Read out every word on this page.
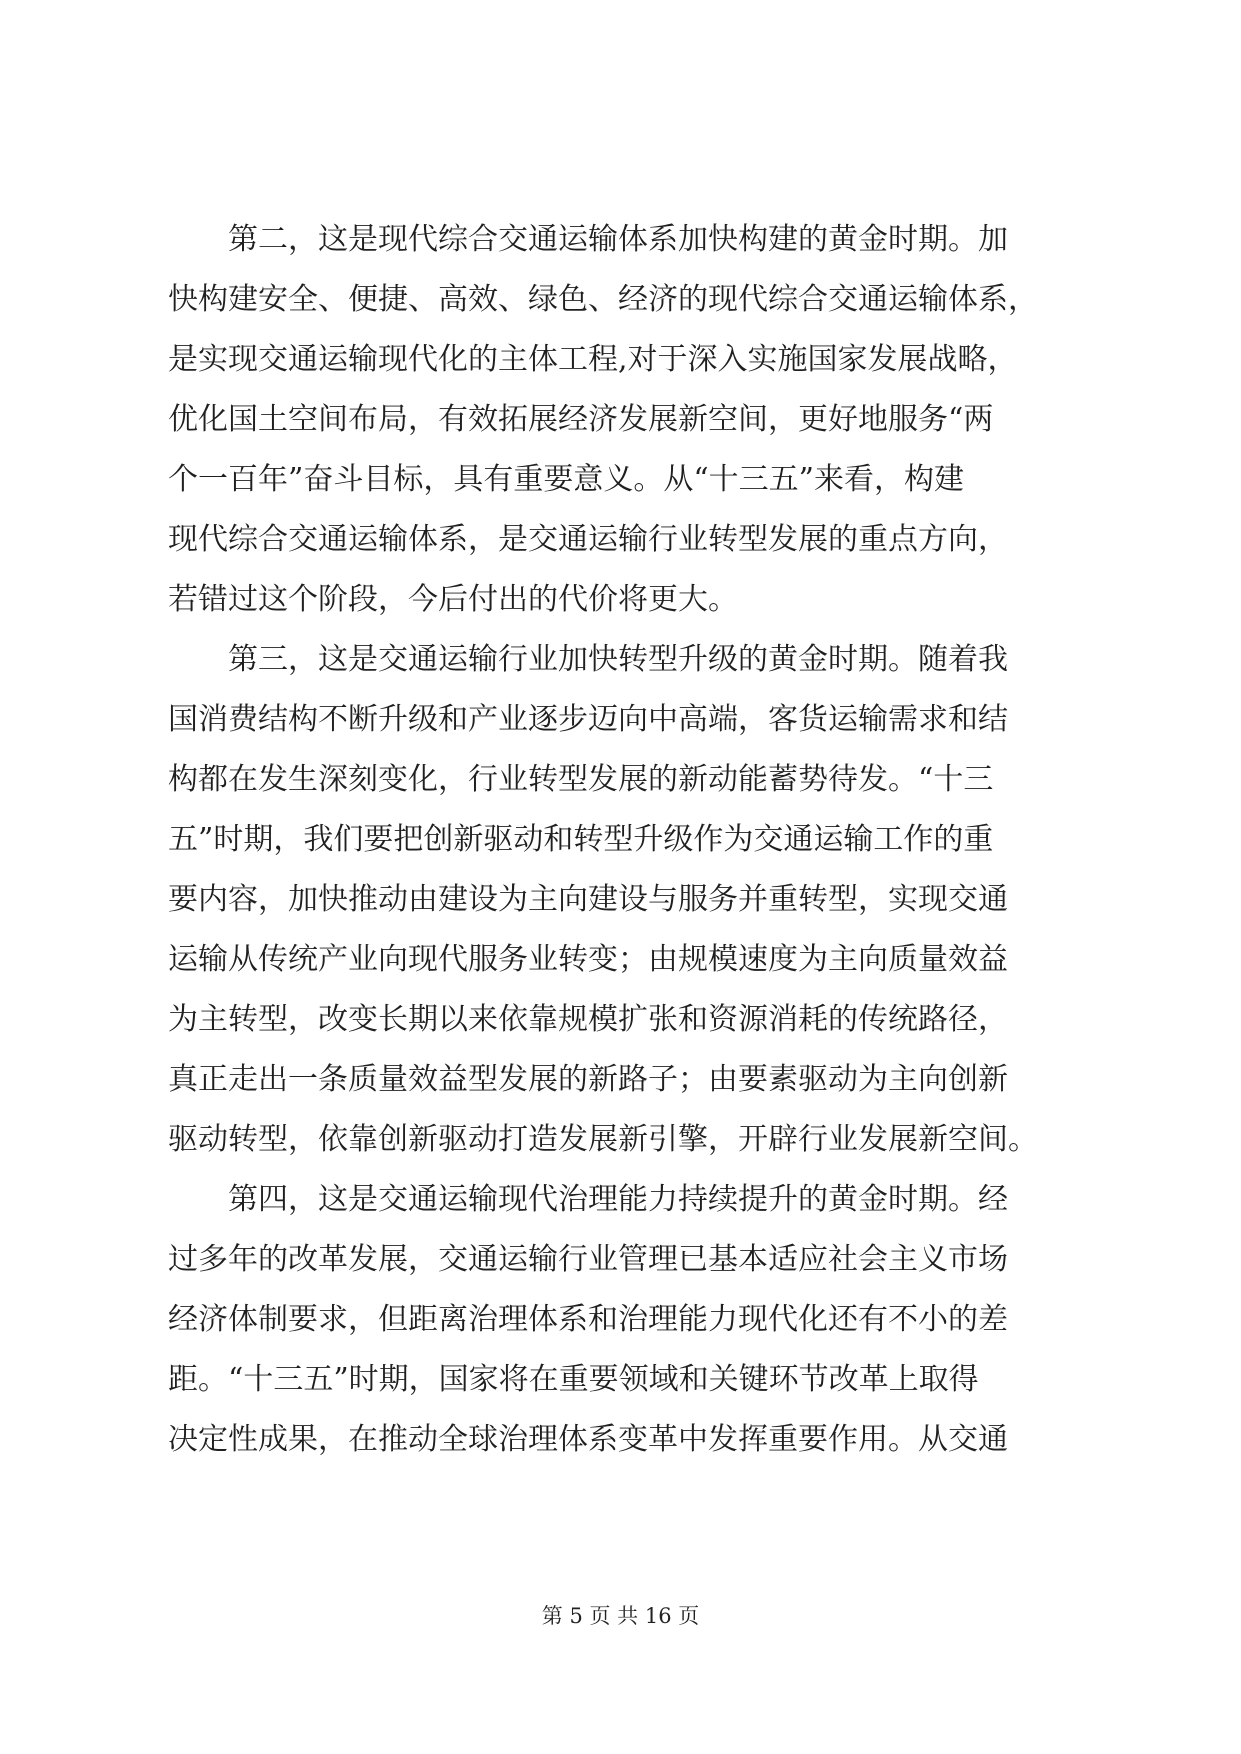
　　第二，这是现代综合交通运输体系加快构建的黄金时期。加
快构建安全、便捷、高效、绿色、经济的现代综合交通运输体系，
是实现交通运输现代化的主体工程,对于深入实施国家发展战略，
优化国土空间布局，有效拓展经济发展新空间，更好地服务“两
个一百年”奋斗目标，具有重要意义。从“十三五”来看，构建
现代综合交通运输体系，是交通运输行业转型发展的重点方向，
若错过这个阶段，今后付出的代价将更大。
　　第三，这是交通运输行业加快转型升级的黄金时期。随着我
国消费结构不断升级和产业逐步迈向中高端，客货运输需求和结
构都在发生深刻变化，行业转型发展的新动能蓄势待发。“十三
五”时期，我们要把创新驱动和转型升级作为交通运输工作的重
要内容，加快推动由建设为主向建设与服务并重转型，实现交通
运输从传统产业向现代服务业转变；由规模速度为主向质量效益
为主转型，改变长期以来依靠规模扩张和资源消耗的传统路径，
真正走出一条质量效益型发展的新路子；由要素驱动为主向创新
驱动转型，依靠创新驱动打造发展新引擎，开辟行业发展新空间。
　　第四，这是交通运输现代治理能力持续提升的黄金时期。经
过多年的改革发展，交通运输行业管理已基本适应社会主义市场
经济体制要求，但距离治理体系和治理能力现代化还有不小的差
距。“十三五”时期，国家将在重要领域和关键环节改革上取得
决定性成果，在推动全球治理体系变革中发挥重要作用。从交通
第 5 页 共 16 页
